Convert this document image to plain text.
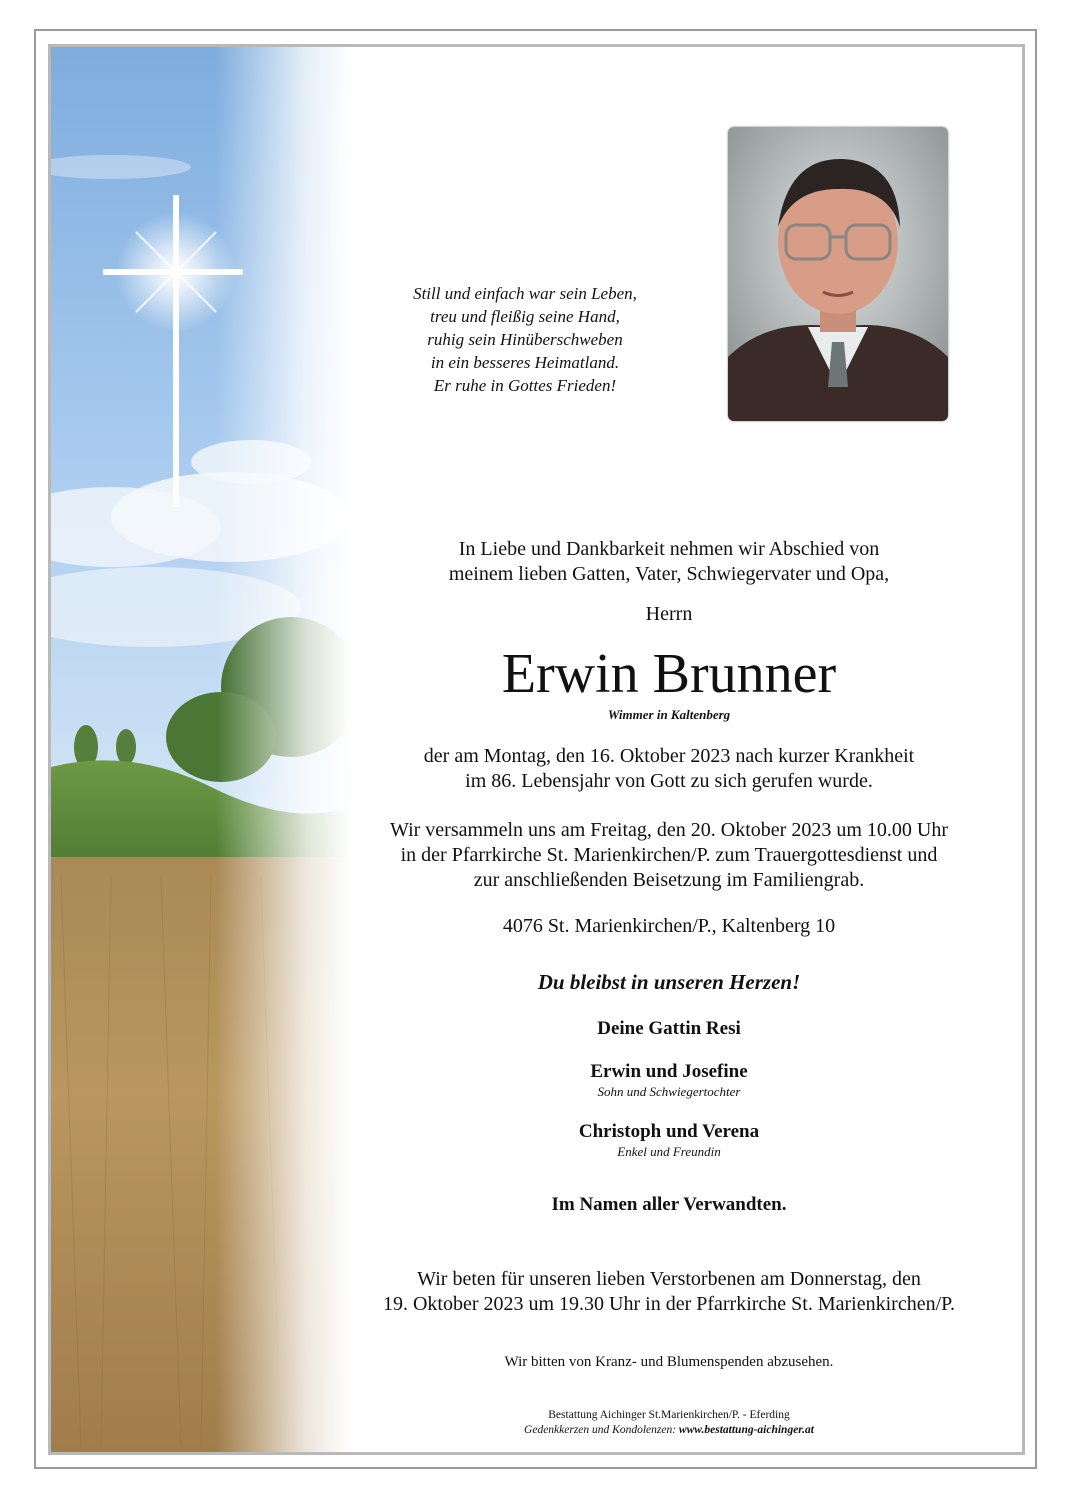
Still und einfach war sein Leben,
treu und fleißig seine Hand,
ruhig sein Hinüberschweben
in ein besseres Heimatland.
Er ruhe in Gottes Frieden!
In Liebe und Dankbarkeit nehmen wir Abschied von
meinem lieben Gatten, Vater, Schwiegervater und Opa,
Herrn
Erwin Brunner
Wimmer in Kaltenberg
der am Montag, den 16. Oktober 2023 nach kurzer Krankheit
im 86. Lebensjahr von Gott zu sich gerufen wurde.
Wir versammeln uns am Freitag, den 20. Oktober 2023 um 10.00 Uhr
in der Pfarrkirche St. Marienkirchen/P. zum Trauergottesdienst und
zur anschließenden Beisetzung im Familiengrab.
4076 St. Marienkirchen/P., Kaltenberg 10
Du bleibst in unseren Herzen!
Deine Gattin Resi
Erwin und Josefine
Sohn und Schwiegertochter
Christoph und Verena
Enkel und Freundin
Im Namen aller Verwandten.
Wir beten für unseren lieben Verstorbenen am Donnerstag, den
19. Oktober 2023 um 19.30 Uhr in der Pfarrkirche St. Marienkirchen/P.
Wir bitten von Kranz- und Blumenspenden abzusehen.
Bestattung Aichinger St.Marienkirchen/P. - Eferding
Gedenkkerzen und Kondolenzen: www.bestattung-aichinger.at
